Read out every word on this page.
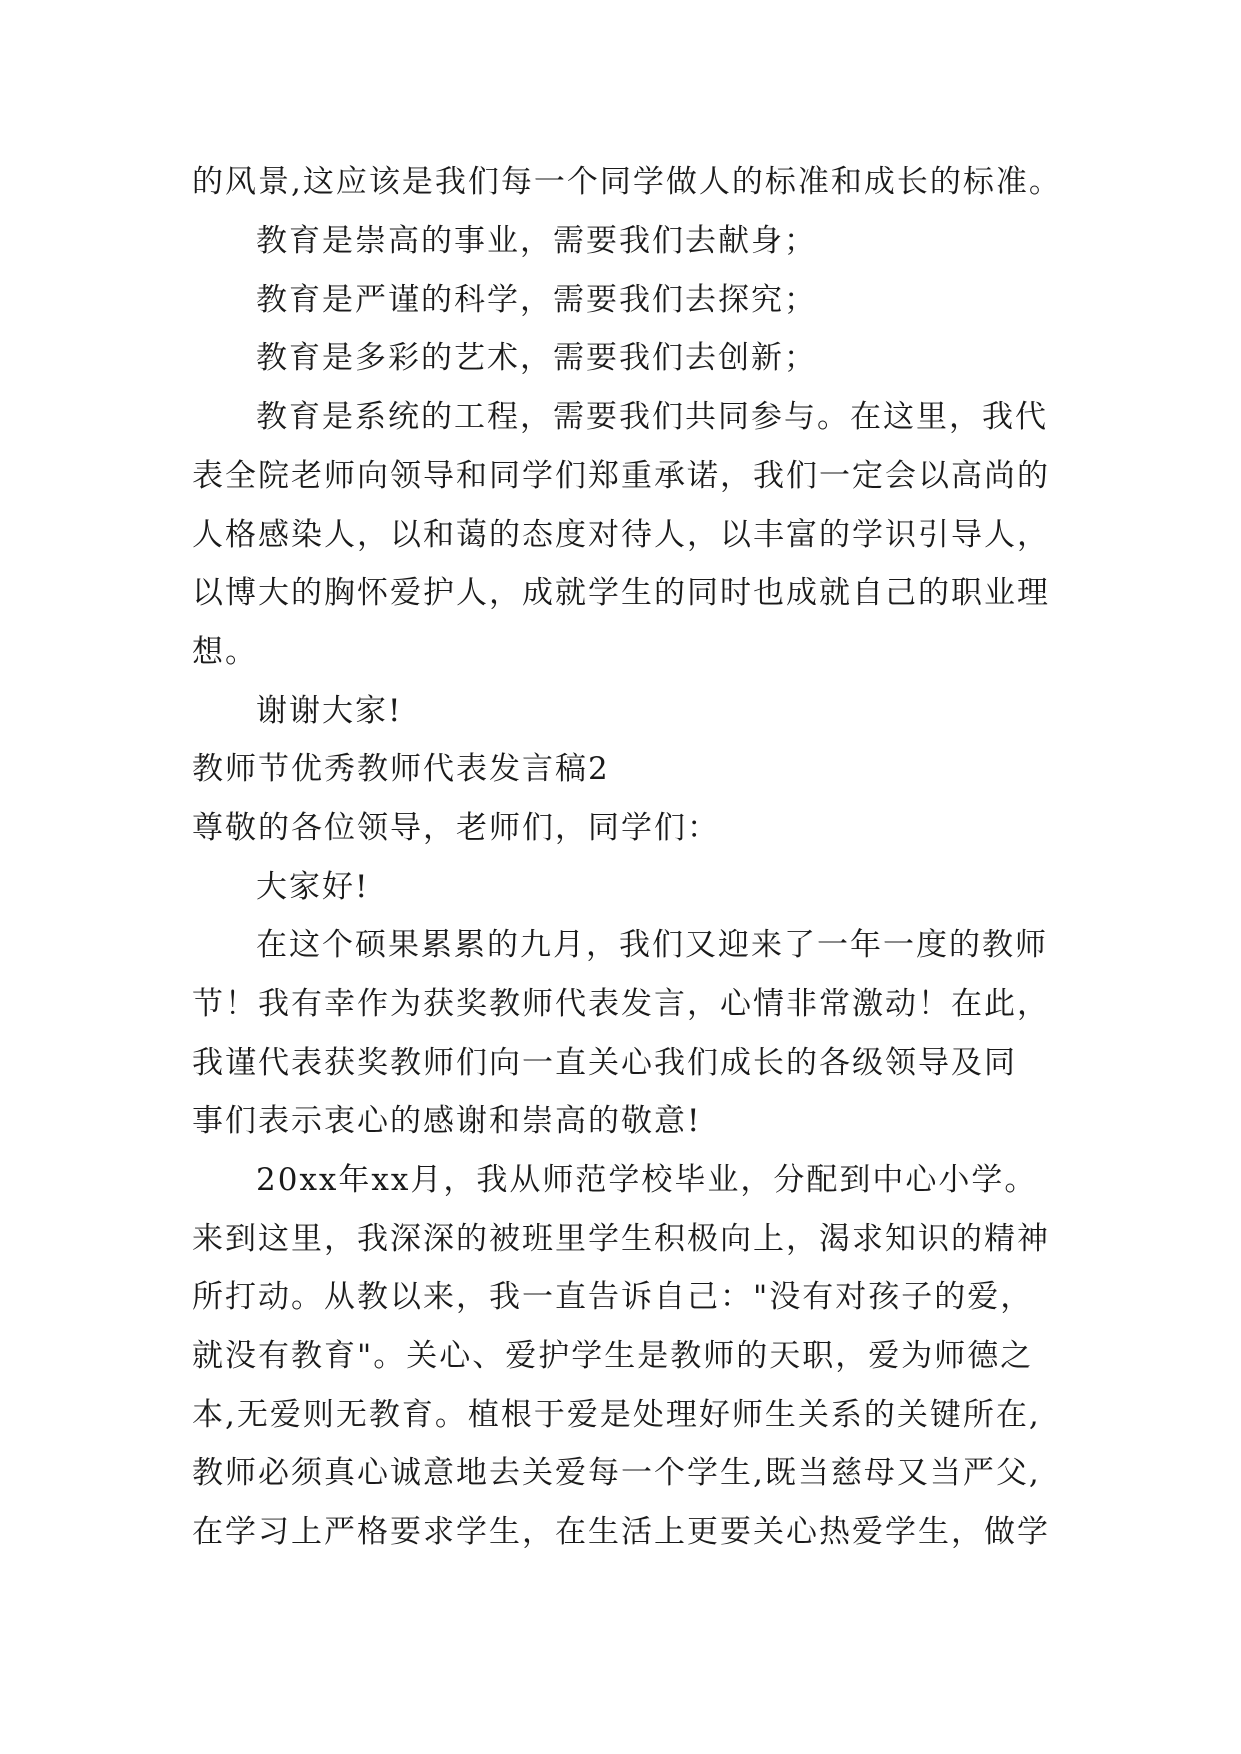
的风景,这应该是我们每一个同学做人的标准和成长的标准。
教育是崇高的事业，需要我们去献身；
教育是严谨的科学，需要我们去探究；
教育是多彩的艺术，需要我们去创新；
教育是系统的工程，需要我们共同参与。在这里，我代
表全院老师向领导和同学们郑重承诺，我们一定会以高尚的
人格感染人，以和蔼的态度对待人，以丰富的学识引导人，
以博大的胸怀爱护人，成就学生的同时也成就自己的职业理
想。
谢谢大家!
教师节优秀教师代表发言稿2
尊敬的各位领导，老师们，同学们：
大家好!
在这个硕果累累的九月，我们又迎来了一年一度的教师
节！我有幸作为获奖教师代表发言，心情非常激动！在此，
我谨代表获奖教师们向一直关心我们成长的各级领导及同
事们表示衷心的感谢和崇高的敬意!
20xx年xx月，我从师范学校毕业，分配到中心小学。
来到这里，我深深的被班里学生积极向上，渴求知识的精神
所打动。从教以来，我一直告诉自己："没有对孩子的爱，
就没有教育"。关心、爱护学生是教师的天职，爱为师德之
本,无爱则无教育。植根于爱是处理好师生关系的关键所在,
教师必须真心诚意地去关爱每一个学生,既当慈母又当严父,
在学习上严格要求学生，在生活上更要关心热爱学生，做学
